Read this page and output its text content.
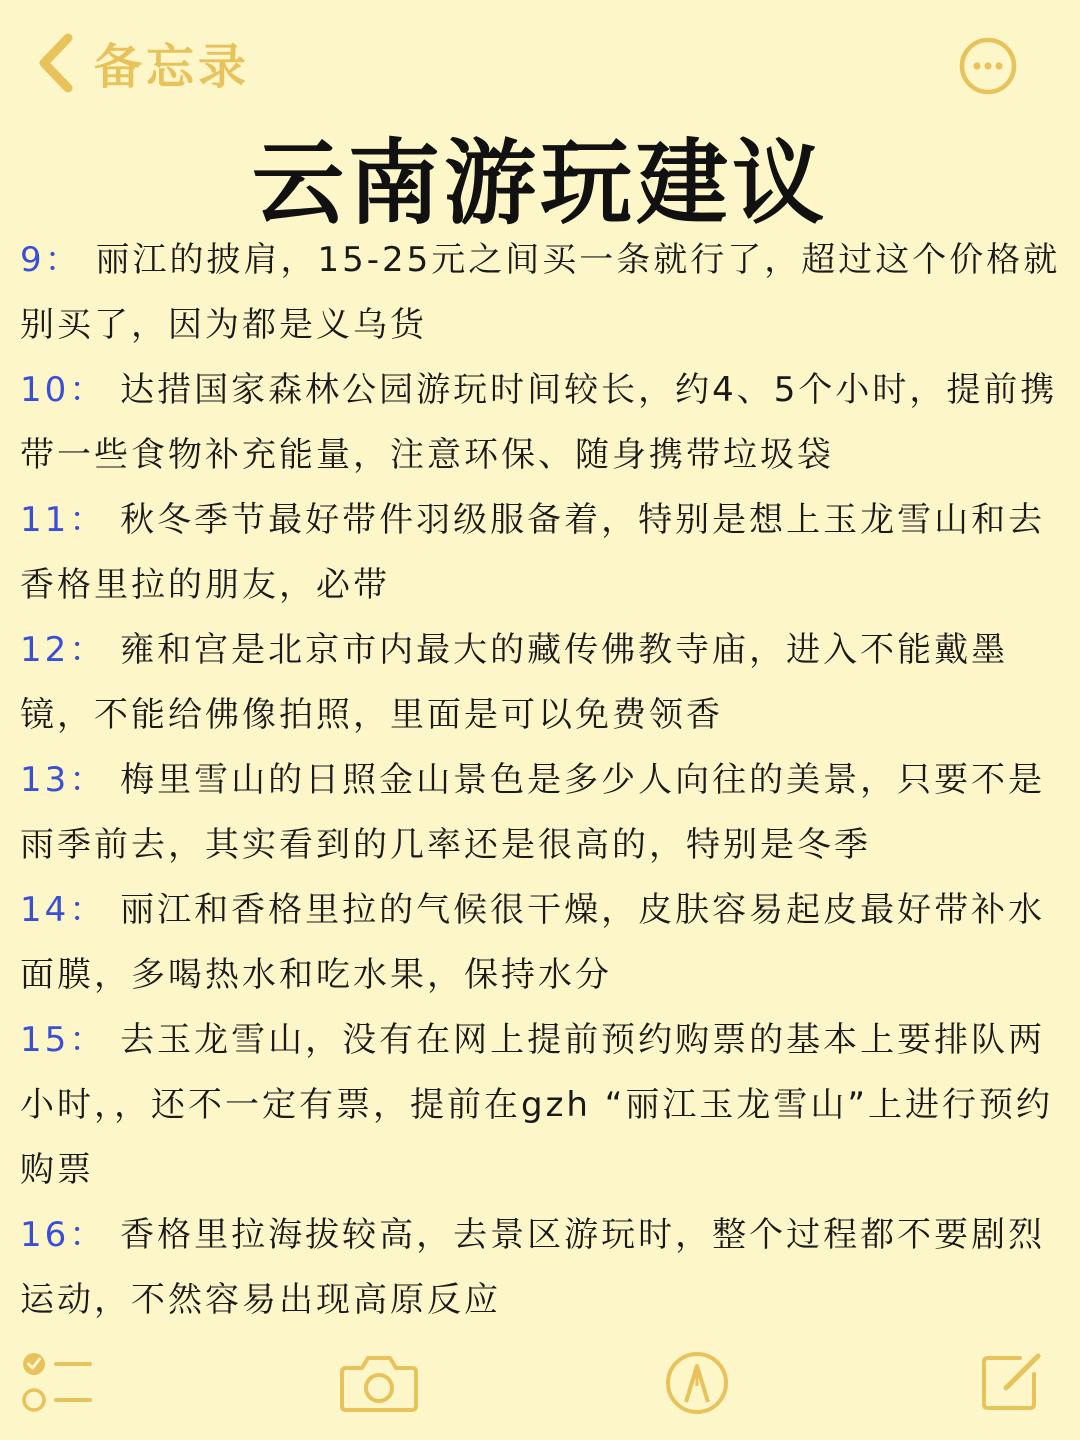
备忘录
云南游玩建议
9： 丽江的披肩，15-25元之间买一条就行了，超过这个价格就别买了，因为都是义乌货
10： 达措国家森林公园游玩时间较长，约4、5个小时，提前携带一些食物补充能量，注意环保、随身携带垃圾袋
11： 秋冬季节最好带件羽级服备着，特别是想上玉龙雪山和去香格里拉的朋友，必带
12： 雍和宫是北京市内最大的藏传佛教寺庙，进入不能戴墨镜，不能给佛像拍照，里面是可以免费领香
13： 梅里雪山的日照金山景色是多少人向往的美景，只要不是雨季前去，其实看到的几率还是很高的，特别是冬季
14： 丽江和香格里拉的气候很干燥，皮肤容易起皮最好带补水面膜，多喝热水和吃水果，保持水分
15： 去玉龙雪山，没有在网上提前预约购票的基本上要排队两小时，，还不一定有票，提前在gzh “丽江玉龙雪山”上进行预约购票
16： 香格里拉海拔较高，去景区游玩时，整个过程都不要剧烈运动，不然容易出现高原反应
